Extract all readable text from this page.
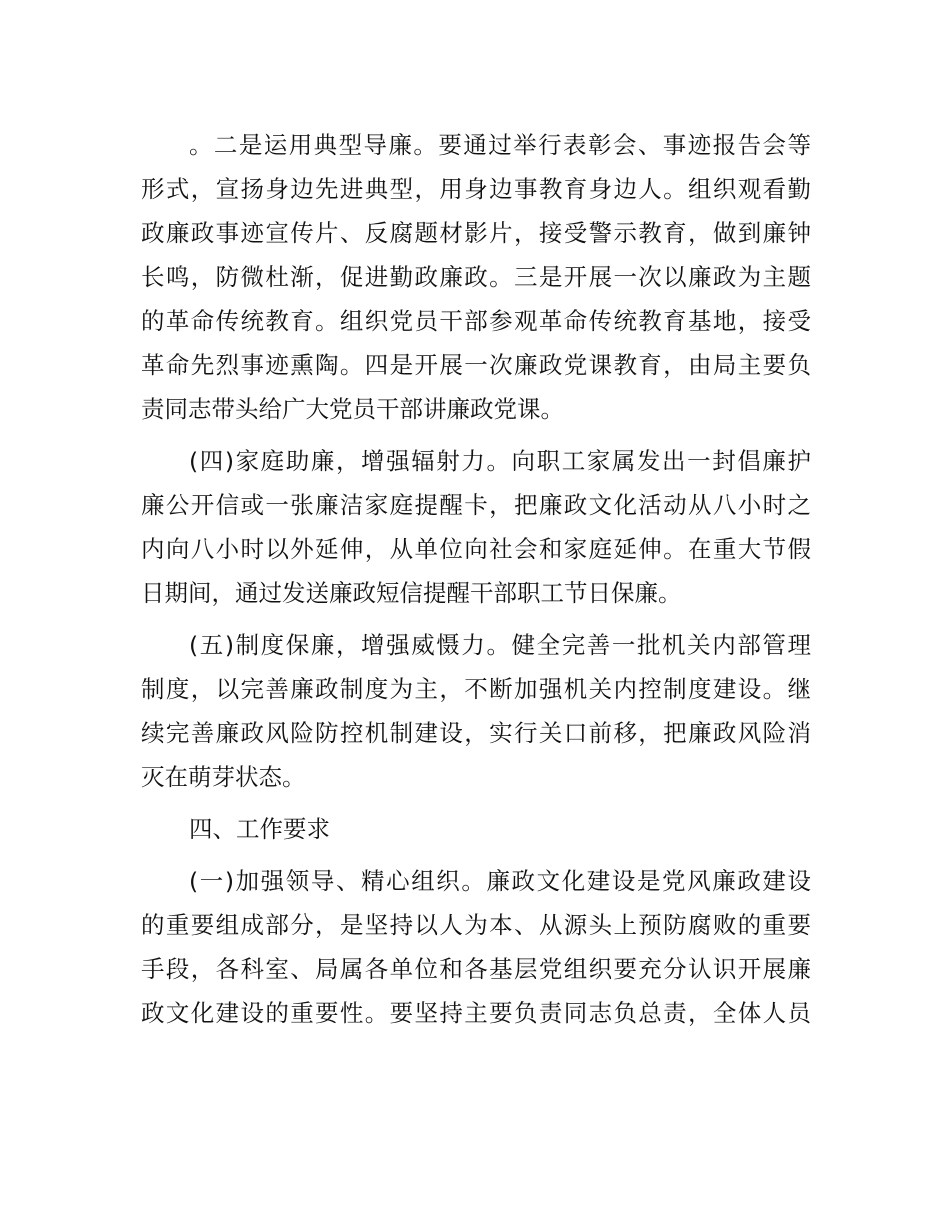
。二是运用典型导廉。要通过举行表彰会、事迹报告会等
形式，宣扬身边先进典型，用身边事教育身边人。组织观看勤
政廉政事迹宣传片、反腐题材影片，接受警示教育，做到廉钟
长鸣，防微杜渐，促进勤政廉政。三是开展一次以廉政为主题
的革命传统教育。组织党员干部参观革命传统教育基地，接受
革命先烈事迹熏陶。四是开展一次廉政党课教育，由局主要负
责同志带头给广大党员干部讲廉政党课。
(四)家庭助廉，增强辐射力。向职工家属发出一封倡廉护
廉公开信或一张廉洁家庭提醒卡，把廉政文化活动从八小时之
内向八小时以外延伸，从单位向社会和家庭延伸。在重大节假
日期间，通过发送廉政短信提醒干部职工节日保廉。
(五)制度保廉，增强威慑力。健全完善一批机关内部管理
制度，以完善廉政制度为主，不断加强机关内控制度建设。继
续完善廉政风险防控机制建设，实行关口前移，把廉政风险消
灭在萌芽状态。
四、工作要求
(一)加强领导、精心组织。廉政文化建设是党风廉政建设
的重要组成部分，是坚持以人为本、从源头上预防腐败的重要
手段，各科室、局属各单位和各基层党组织要充分认识开展廉
政文化建设的重要性。要坚持主要负责同志负总责，全体人员
